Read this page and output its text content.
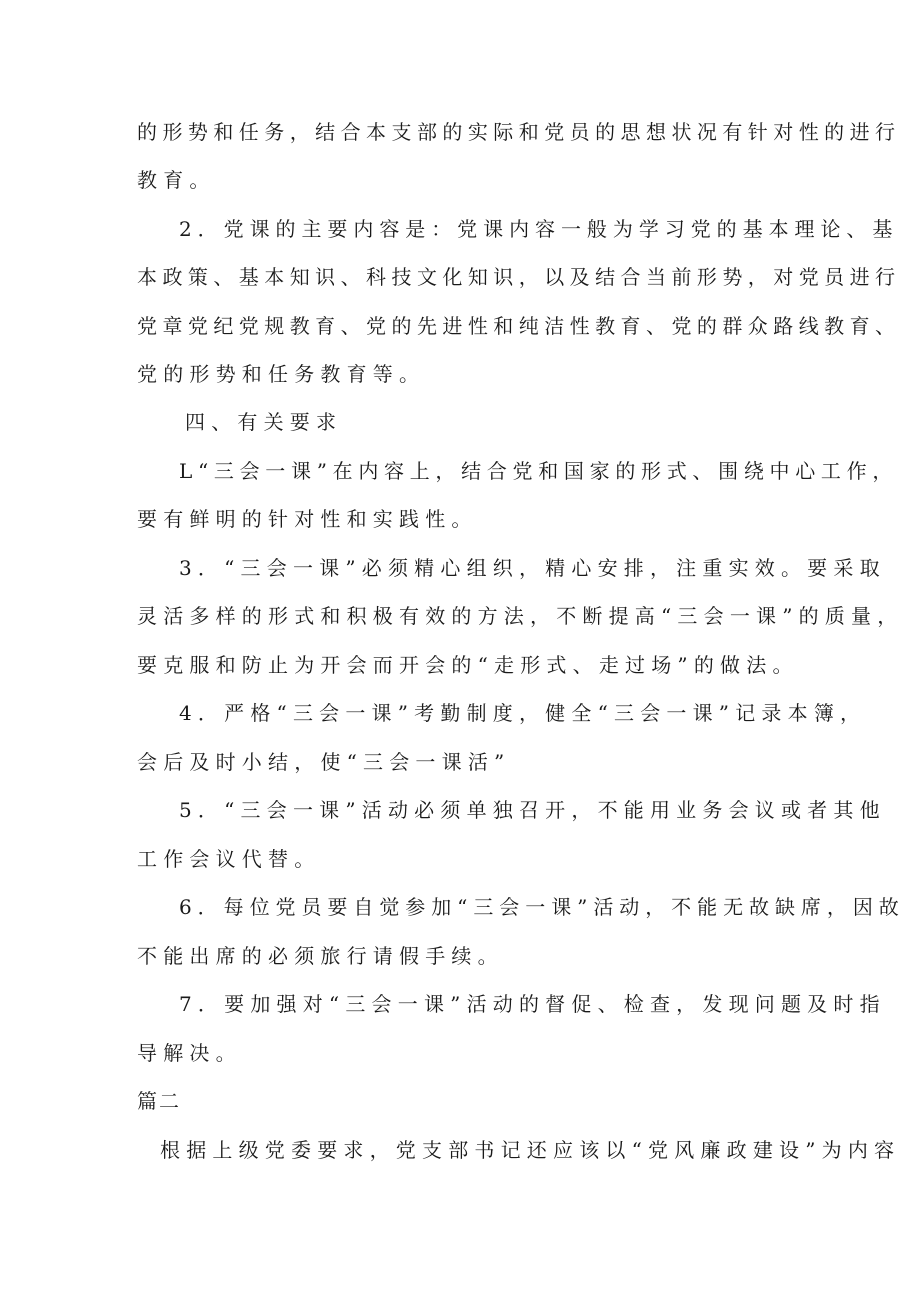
的形势和任务，结合本支部的实际和党员的思想状况有针对性的进行
教育。
2．党课的主要内容是：党课内容一般为学习党的基本理论、基
本政策、基本知识、科技文化知识，以及结合当前形势，对党员进行
党章党纪党规教育、党的先进性和纯洁性教育、党的群众路线教育、
党的形势和任务教育等。
四、有关要求
L“三会一课”在内容上，结合党和国家的形式、围绕中心工作，
要有鲜明的针对性和实践性。
3．“三会一课”必须精心组织，精心安排，注重实效。要采取
灵活多样的形式和积极有效的方法，不断提高“三会一课”的质量，
要克服和防止为开会而开会的“走形式、走过场”的做法。
4．严格“三会一课”考勤制度，健全“三会一课”记录本簿，
会后及时小结，使“三会一课活”
5．“三会一课”活动必须单独召开，不能用业务会议或者其他
工作会议代替。
6．每位党员要自觉参加“三会一课”活动，不能无故缺席，因故
不能出席的必须旅行请假手续。
7．要加强对“三会一课”活动的督促、检查，发现问题及时指
导解决。
篇二
根据上级党委要求，党支部书记还应该以“党风廉政建设”为内容
